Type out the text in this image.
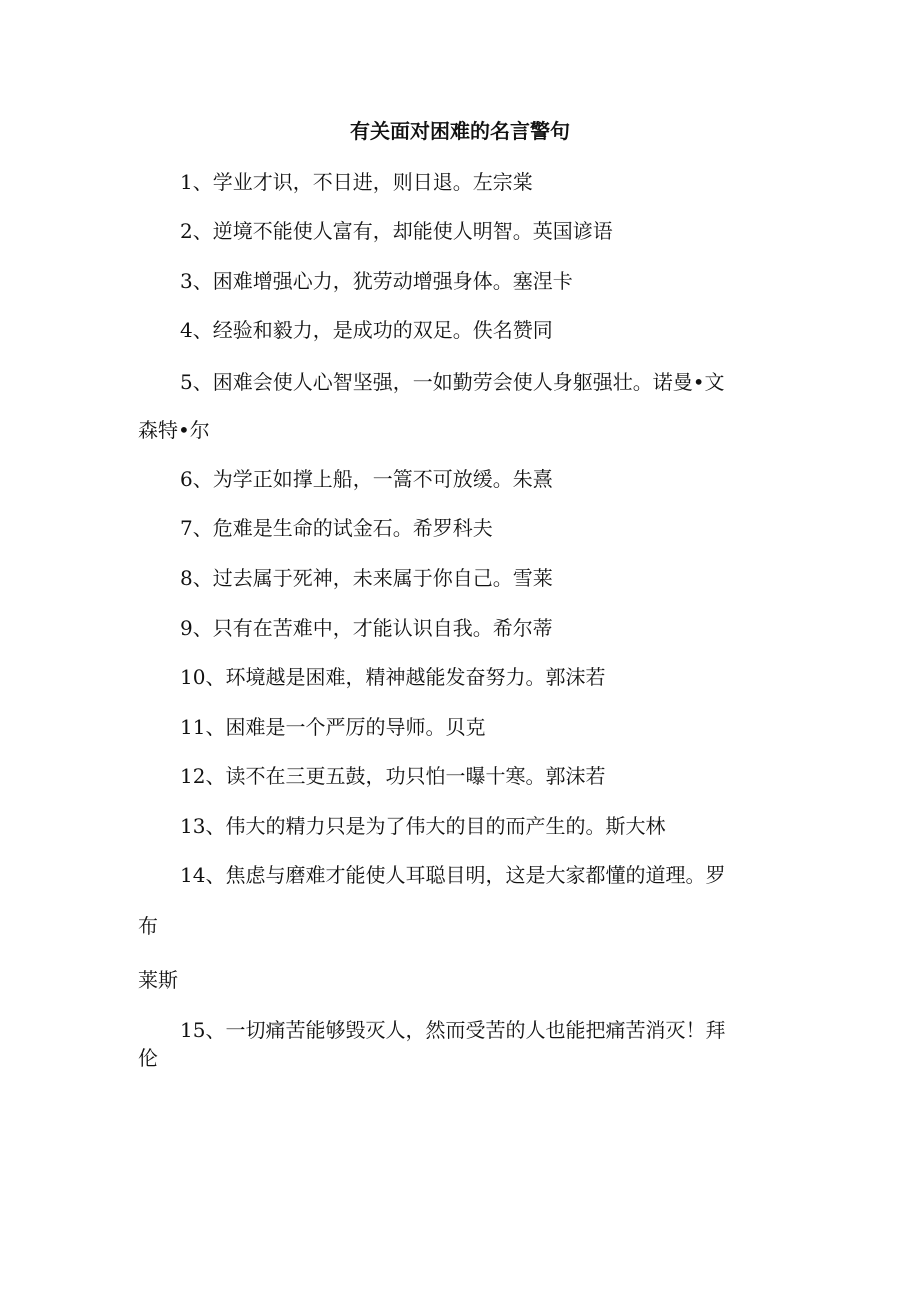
有关面对困难的名言警句
1、学业才识，不日进，则日退。左宗棠
2、逆境不能使人富有，却能使人明智。英国谚语
3、困难增强心力，犹劳动增强身体。塞涅卡
4、经验和毅力，是成功的双足。佚名赞同
5、困难会使人心智坚强，一如勤劳会使人身躯强壮。诺曼•文
森特•尔
6、为学正如撑上船，一篙不可放缓。朱熹
7、危难是生命的试金石。希罗科夫
8、过去属于死神，未来属于你自己。雪莱
9、只有在苦难中，才能认识自我。希尔蒂
10、环境越是困难，精神越能发奋努力。郭沫若
11、困难是一个严厉的导师。贝克
12、读不在三更五鼓，功只怕一曝十寒。郭沫若
13、伟大的精力只是为了伟大的目的而产生的。斯大林
14、焦虑与磨难才能使人耳聪目明，这是大家都懂的道理。罗
布
莱斯
15、一切痛苦能够毁灭人，然而受苦的人也能把痛苦消灭！拜
伦
